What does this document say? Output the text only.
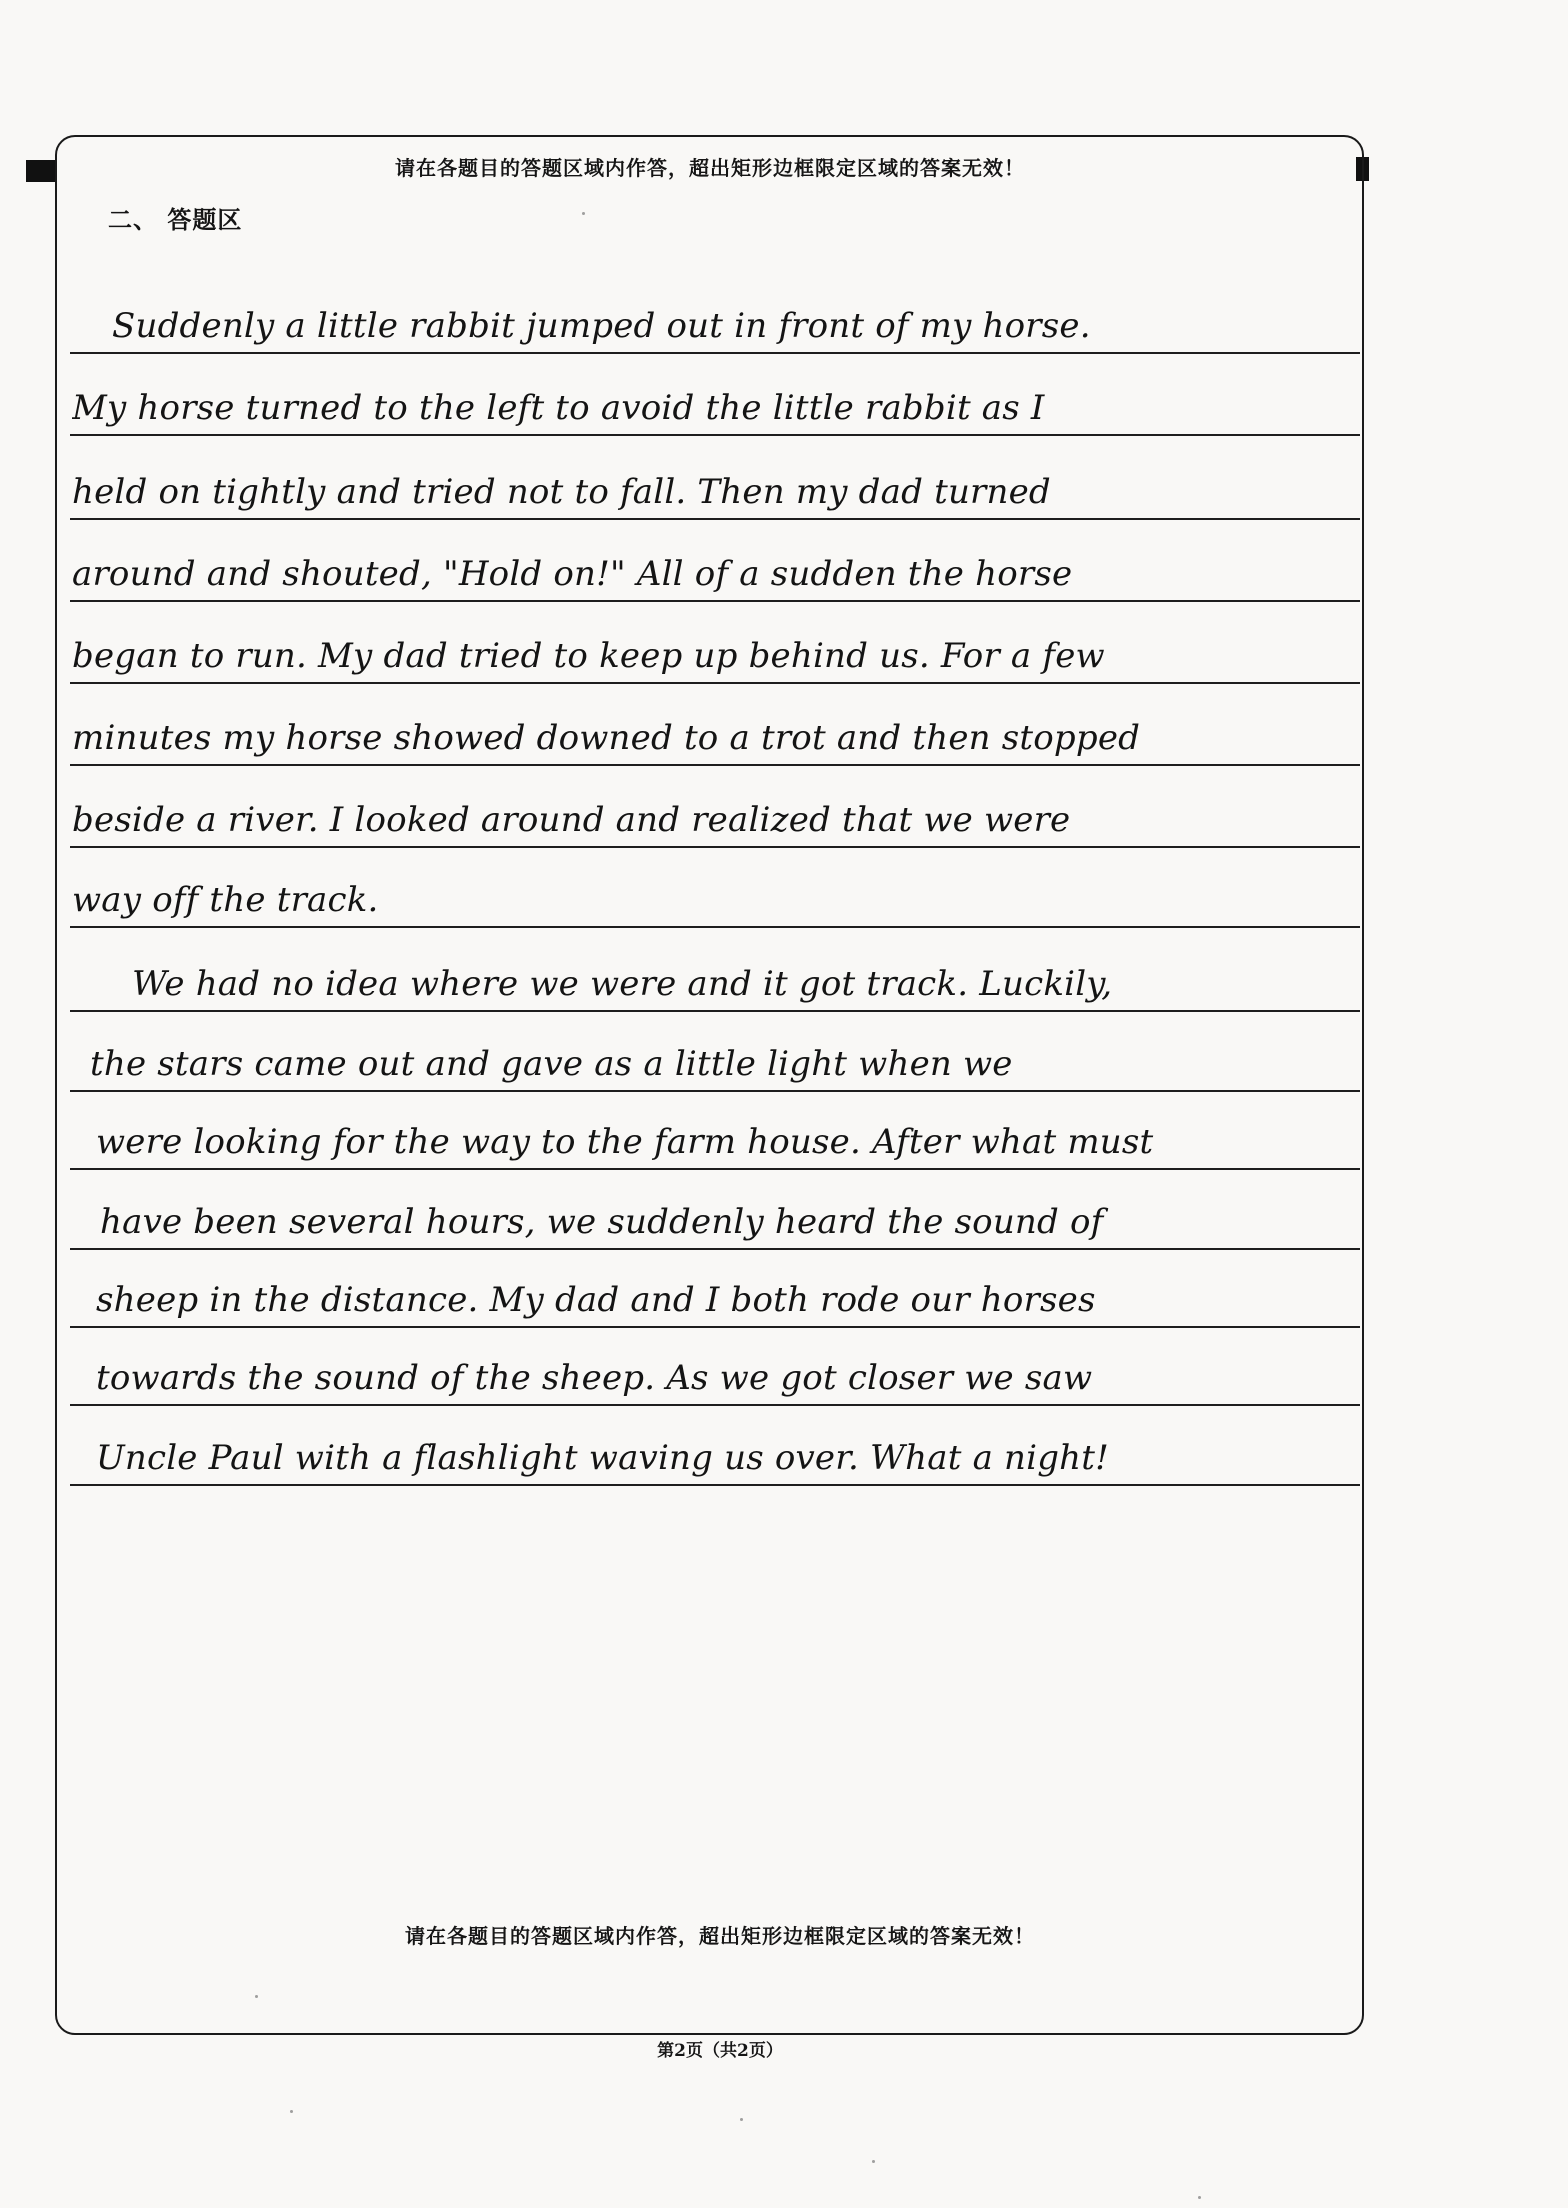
请在各题目的答题区域内作答，超出矩形边框限定区域的答案无效！
二、 答题区
Suddenly a little rabbit jumped out in front of my horse.
My horse turned to the left to avoid the little rabbit as I
held on tightly and tried not to fall. Then my dad turned
around and shouted, "Hold on!" All of a sudden the horse
began to run. My dad tried to keep up behind us. For a few
minutes my horse showed downed to a trot and then stopped
beside a river. I looked around and realized that we were
way off the track.
We had no idea where we were and it got track. Luckily,
the stars came out and gave as a little light when we
were looking for the way to the farm house. After what must
have been several hours, we suddenly heard the sound of
sheep in the distance. My dad and I both rode our horses
towards the sound of the sheep. As we got closer we saw
Uncle Paul with a flashlight waving us over. What a night!
请在各题目的答题区域内作答，超出矩形边框限定区域的答案无效！
第2页（共2页）
